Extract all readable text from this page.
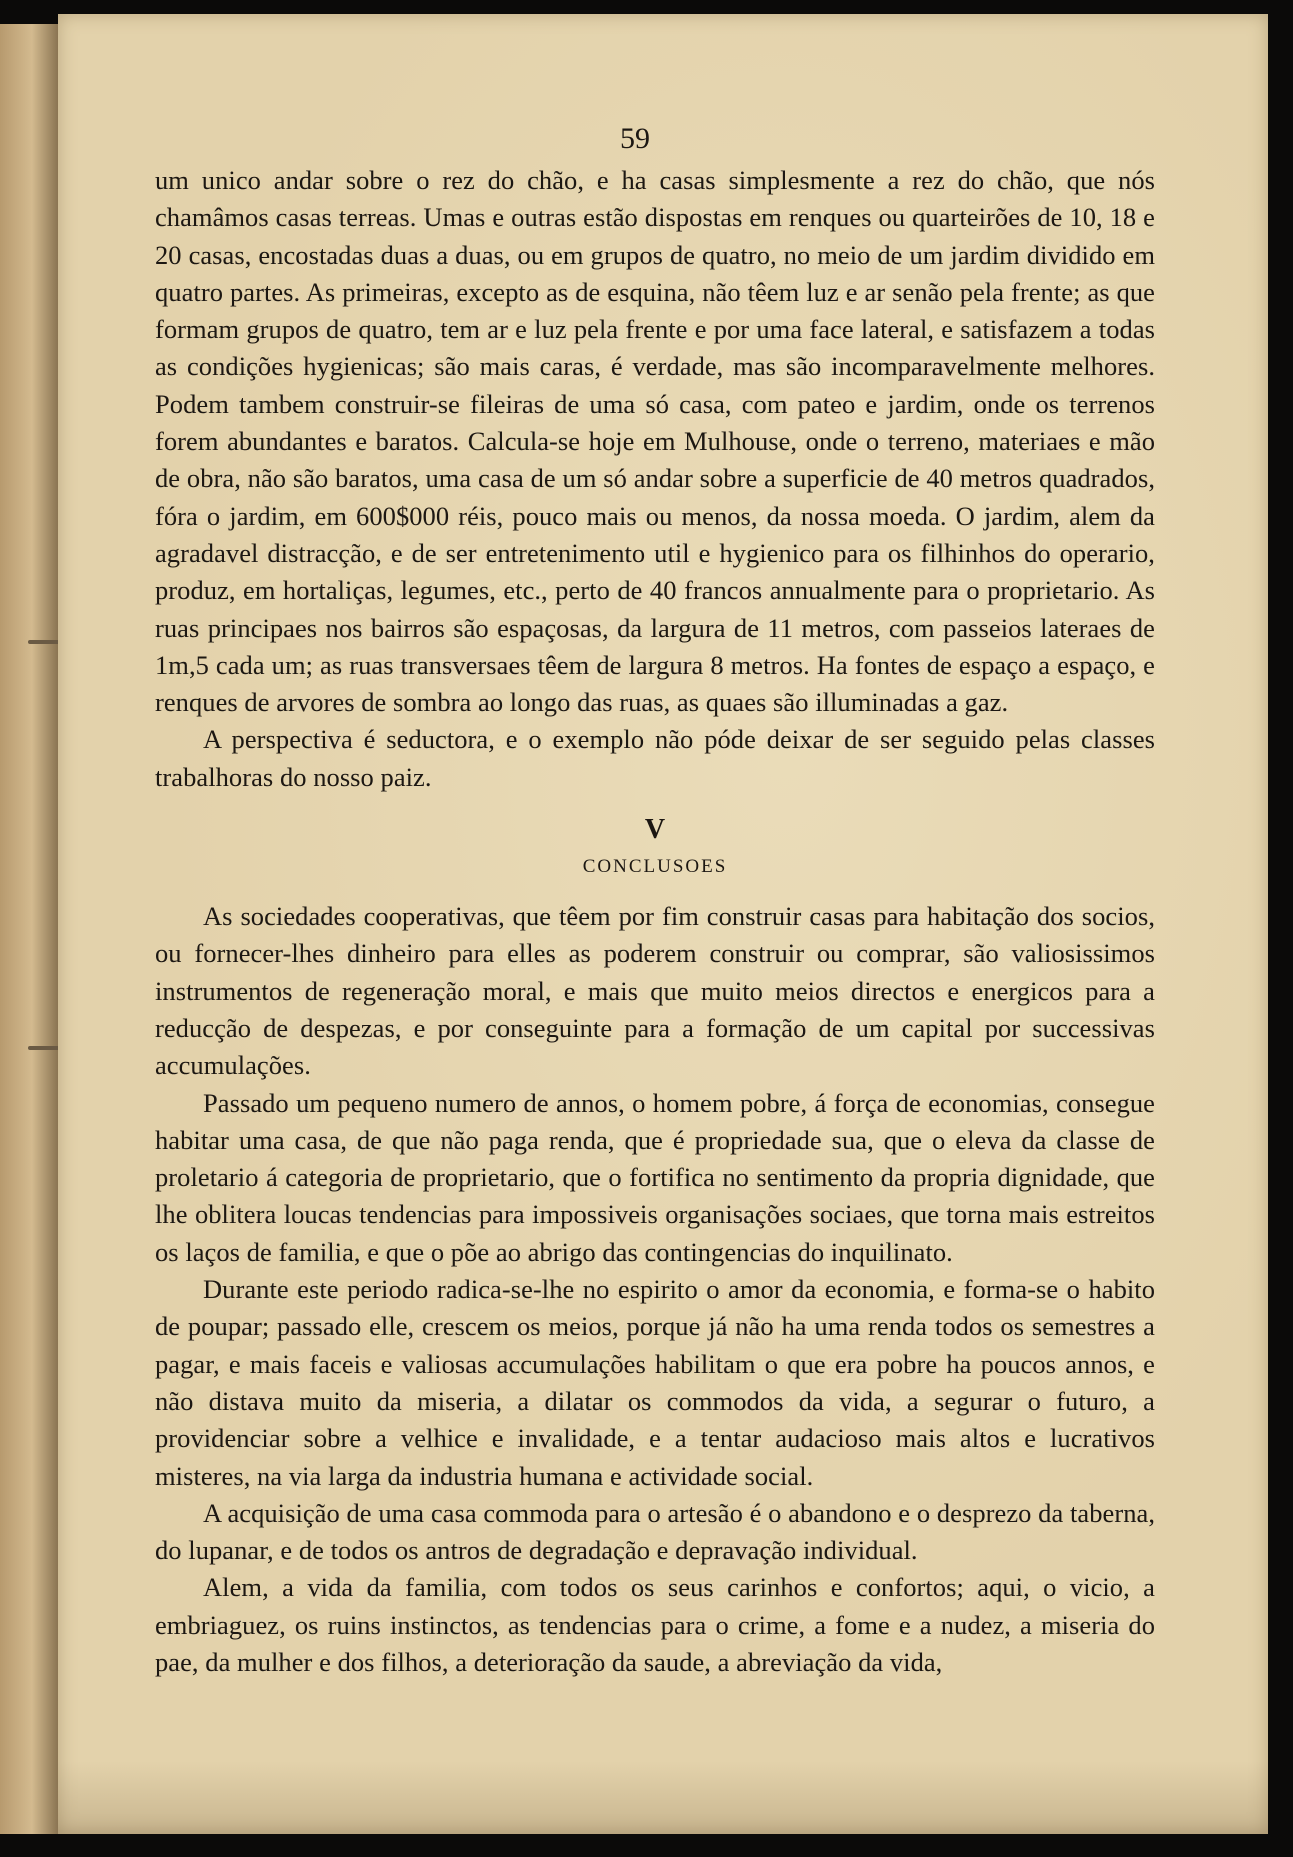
59

um unico andar sobre o rez do chão, e ha casas simplesmente a rez do chão, que nós chamâmos casas terreas. Umas e outras estão dispostas em renques ou quarteirões de 10, 18 e 20 casas, encostadas duas a duas, ou em grupos de quatro, no meio de um jardim dividido em quatro partes. As primeiras, excepto as de esquina, não têem luz e ar senão pela frente; as que formam grupos de quatro, tem ar e luz pela frente e por uma face lateral, e satisfazem a todas as condições hygienicas; são mais caras, é verdade, mas são incomparavelmente melhores. Podem tambem construir-se fileiras de uma só casa, com pateo e jardim, onde os terrenos forem abundantes e baratos. Calcula-se hoje em Mulhouse, onde o terreno, materiaes e mão de obra, não são baratos, uma casa de um só andar sobre a superficie de 40 metros quadrados, fóra o jardim, em 600$000 réis, pouco mais ou menos, da nossa moeda. O jardim, alem da agradavel distracção, e de ser entretenimento util e hygienico para os filhinhos do operario, produz, em hortaliças, legumes, etc., perto de 40 francos annualmente para o proprietario. As ruas principaes nos bairros são espaçosas, da largura de 11 metros, com passeios lateraes de 1m,5 cada um; as ruas transversaes têem de largura 8 metros. Ha fontes de espaço a espaço, e renques de arvores de sombra ao longo das ruas, as quaes são illuminadas a gaz.

A perspectiva é seductora, e o exemplo não póde deixar de ser seguido pelas classes trabalhoras do nosso paiz.

V
CONCLUSOES

As sociedades cooperativas, que têem por fim construir casas para habitação dos socios, ou fornecer-lhes dinheiro para elles as poderem construir ou comprar, são valiosissimos instrumentos de regeneração moral, e mais que muito meios directos e energicos para a reducção de despezas, e por conseguinte para a formação de um capital por successivas accumulações.

Passado um pequeno numero de annos, o homem pobre, á força de economias, consegue habitar uma casa, de que não paga renda, que é propriedade sua, que o eleva da classe de proletario á categoria de proprietario, que o fortifica no sentimento da propria dignidade, que lhe oblitera loucas tendencias para impossiveis organisações sociaes, que torna mais estreitos os laços de familia, e que o põe ao abrigo das contingencias do inquilinato.

Durante este periodo radica-se-lhe no espirito o amor da economia, e forma-se o habito de poupar; passado elle, crescem os meios, porque já não ha uma renda todos os semestres a pagar, e mais faceis e valiosas accumulações habilitam o que era pobre ha poucos annos, e não distava muito da miseria, a dilatar os commodos da vida, a segurar o futuro, a providenciar sobre a velhice e invalidade, e a tentar audacioso mais altos e lucrativos misteres, na via larga da industria humana e actividade social.

A acquisição de uma casa commoda para o artesão é o abandono e o desprezo da taberna, do lupanar, e de todos os antros de degradação e depravação individual.

Alem, a vida da familia, com todos os seus carinhos e confortos; aqui, o vicio, a embriaguez, os ruins instinctos, as tendencias para o crime, a fome e a nudez, a miseria do pae, da mulher e dos filhos, a deterioração da saude, a abreviação da vida,
